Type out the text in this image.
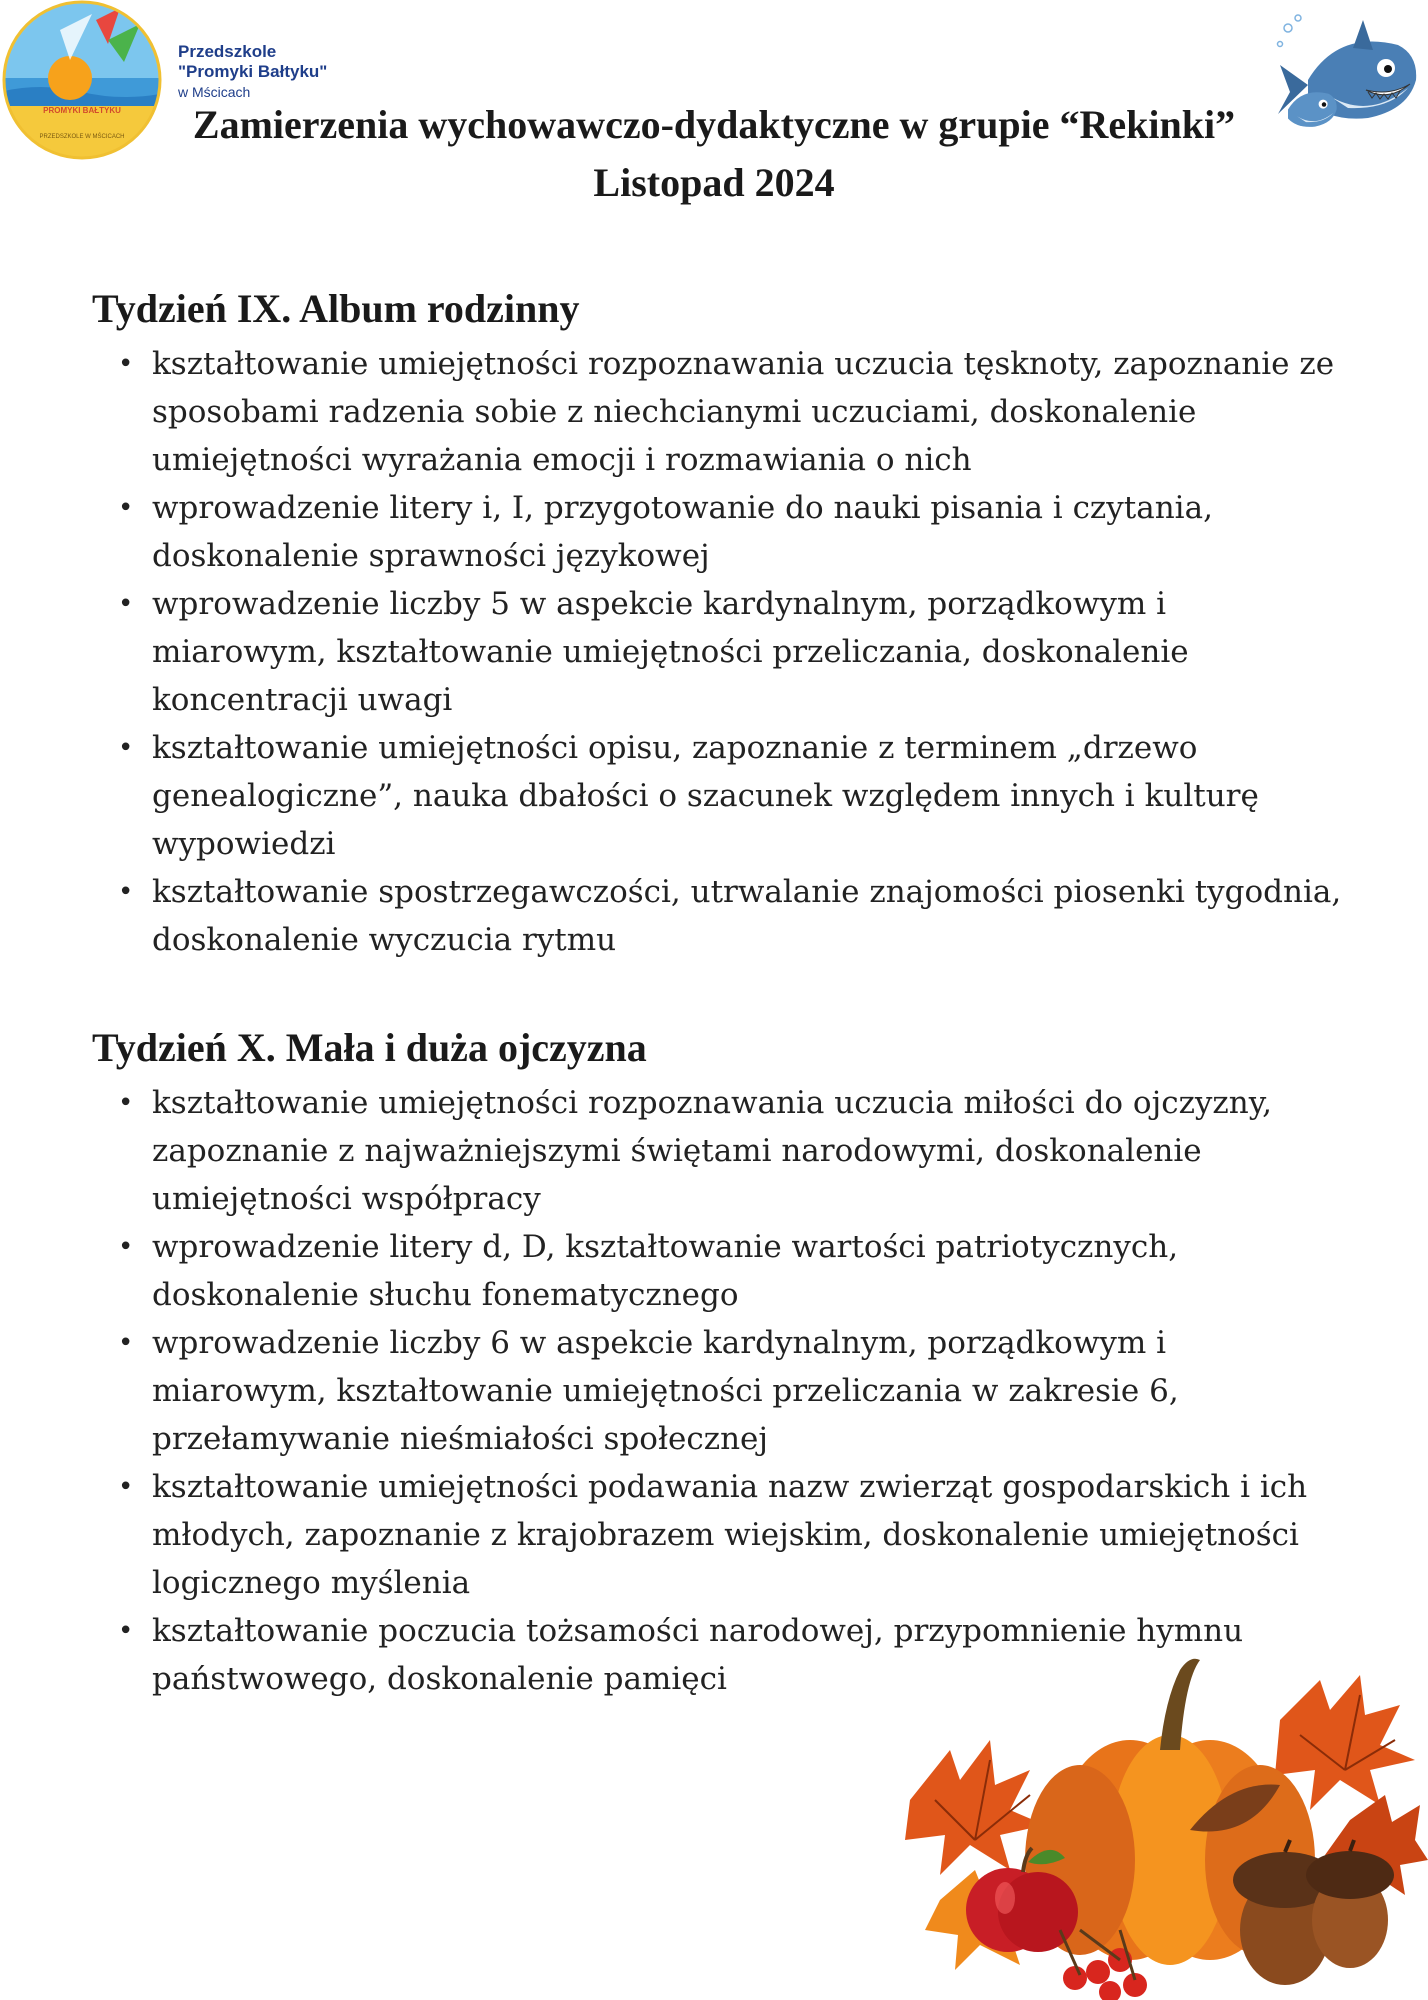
PROMYKI BAŁTYKU
PRZEDSZKOLE W MŚCICACH
Przedszkole
"Promyki Bałtyku"
w Mścicach
Zamierzenia wychowawczo-dydaktyczne w grupie “Rekinki”
Listopad 2024
Tydzień IX. Album rodzinny
• kształtowanie umiejętności rozpoznawania uczucia tęsknoty, zapoznanie ze sposobami radzenia sobie z niechcianymi uczuciami, doskonalenie umiejętności wyrażania emocji i rozmawiania o nich
• wprowadzenie litery i, I, przygotowanie do nauki pisania i czytania, doskonalenie sprawności językowej
• wprowadzenie liczby 5 w aspekcie kardynalnym, porządkowym i miarowym, kształtowanie umiejętności przeliczania, doskonalenie koncentracji uwagi
• kształtowanie umiejętności opisu, zapoznanie z terminem „drzewo genealogiczne”, nauka dbałości o szacunek względem innych i kulturę wypowiedzi
• kształtowanie spostrzegawczości, utrwalanie znajomości piosenki tygodnia, doskonalenie wyczucia rytmu
Tydzień X. Mała i duża ojczyzna
• kształtowanie umiejętności rozpoznawania uczucia miłości do ojczyzny, zapoznanie z najważniejszymi świętami narodowymi, doskonalenie umiejętności współpracy
• wprowadzenie litery d, D, kształtowanie wartości patriotycznych, doskonalenie słuchu fonematycznego
• wprowadzenie liczby 6 w aspekcie kardynalnym, porządkowym i miarowym, kształtowanie umiejętności przeliczania w zakresie 6, przełamywanie nieśmiałości społecznej
• kształtowanie umiejętności podawania nazw zwierząt gospodarskich i ich młodych, zapoznanie z krajobrazem wiejskim, doskonalenie umiejętności logicznego myślenia
• kształtowanie poczucia tożsamości narodowej, przypomnienie hymnu państwowego, doskonalenie pamięci
